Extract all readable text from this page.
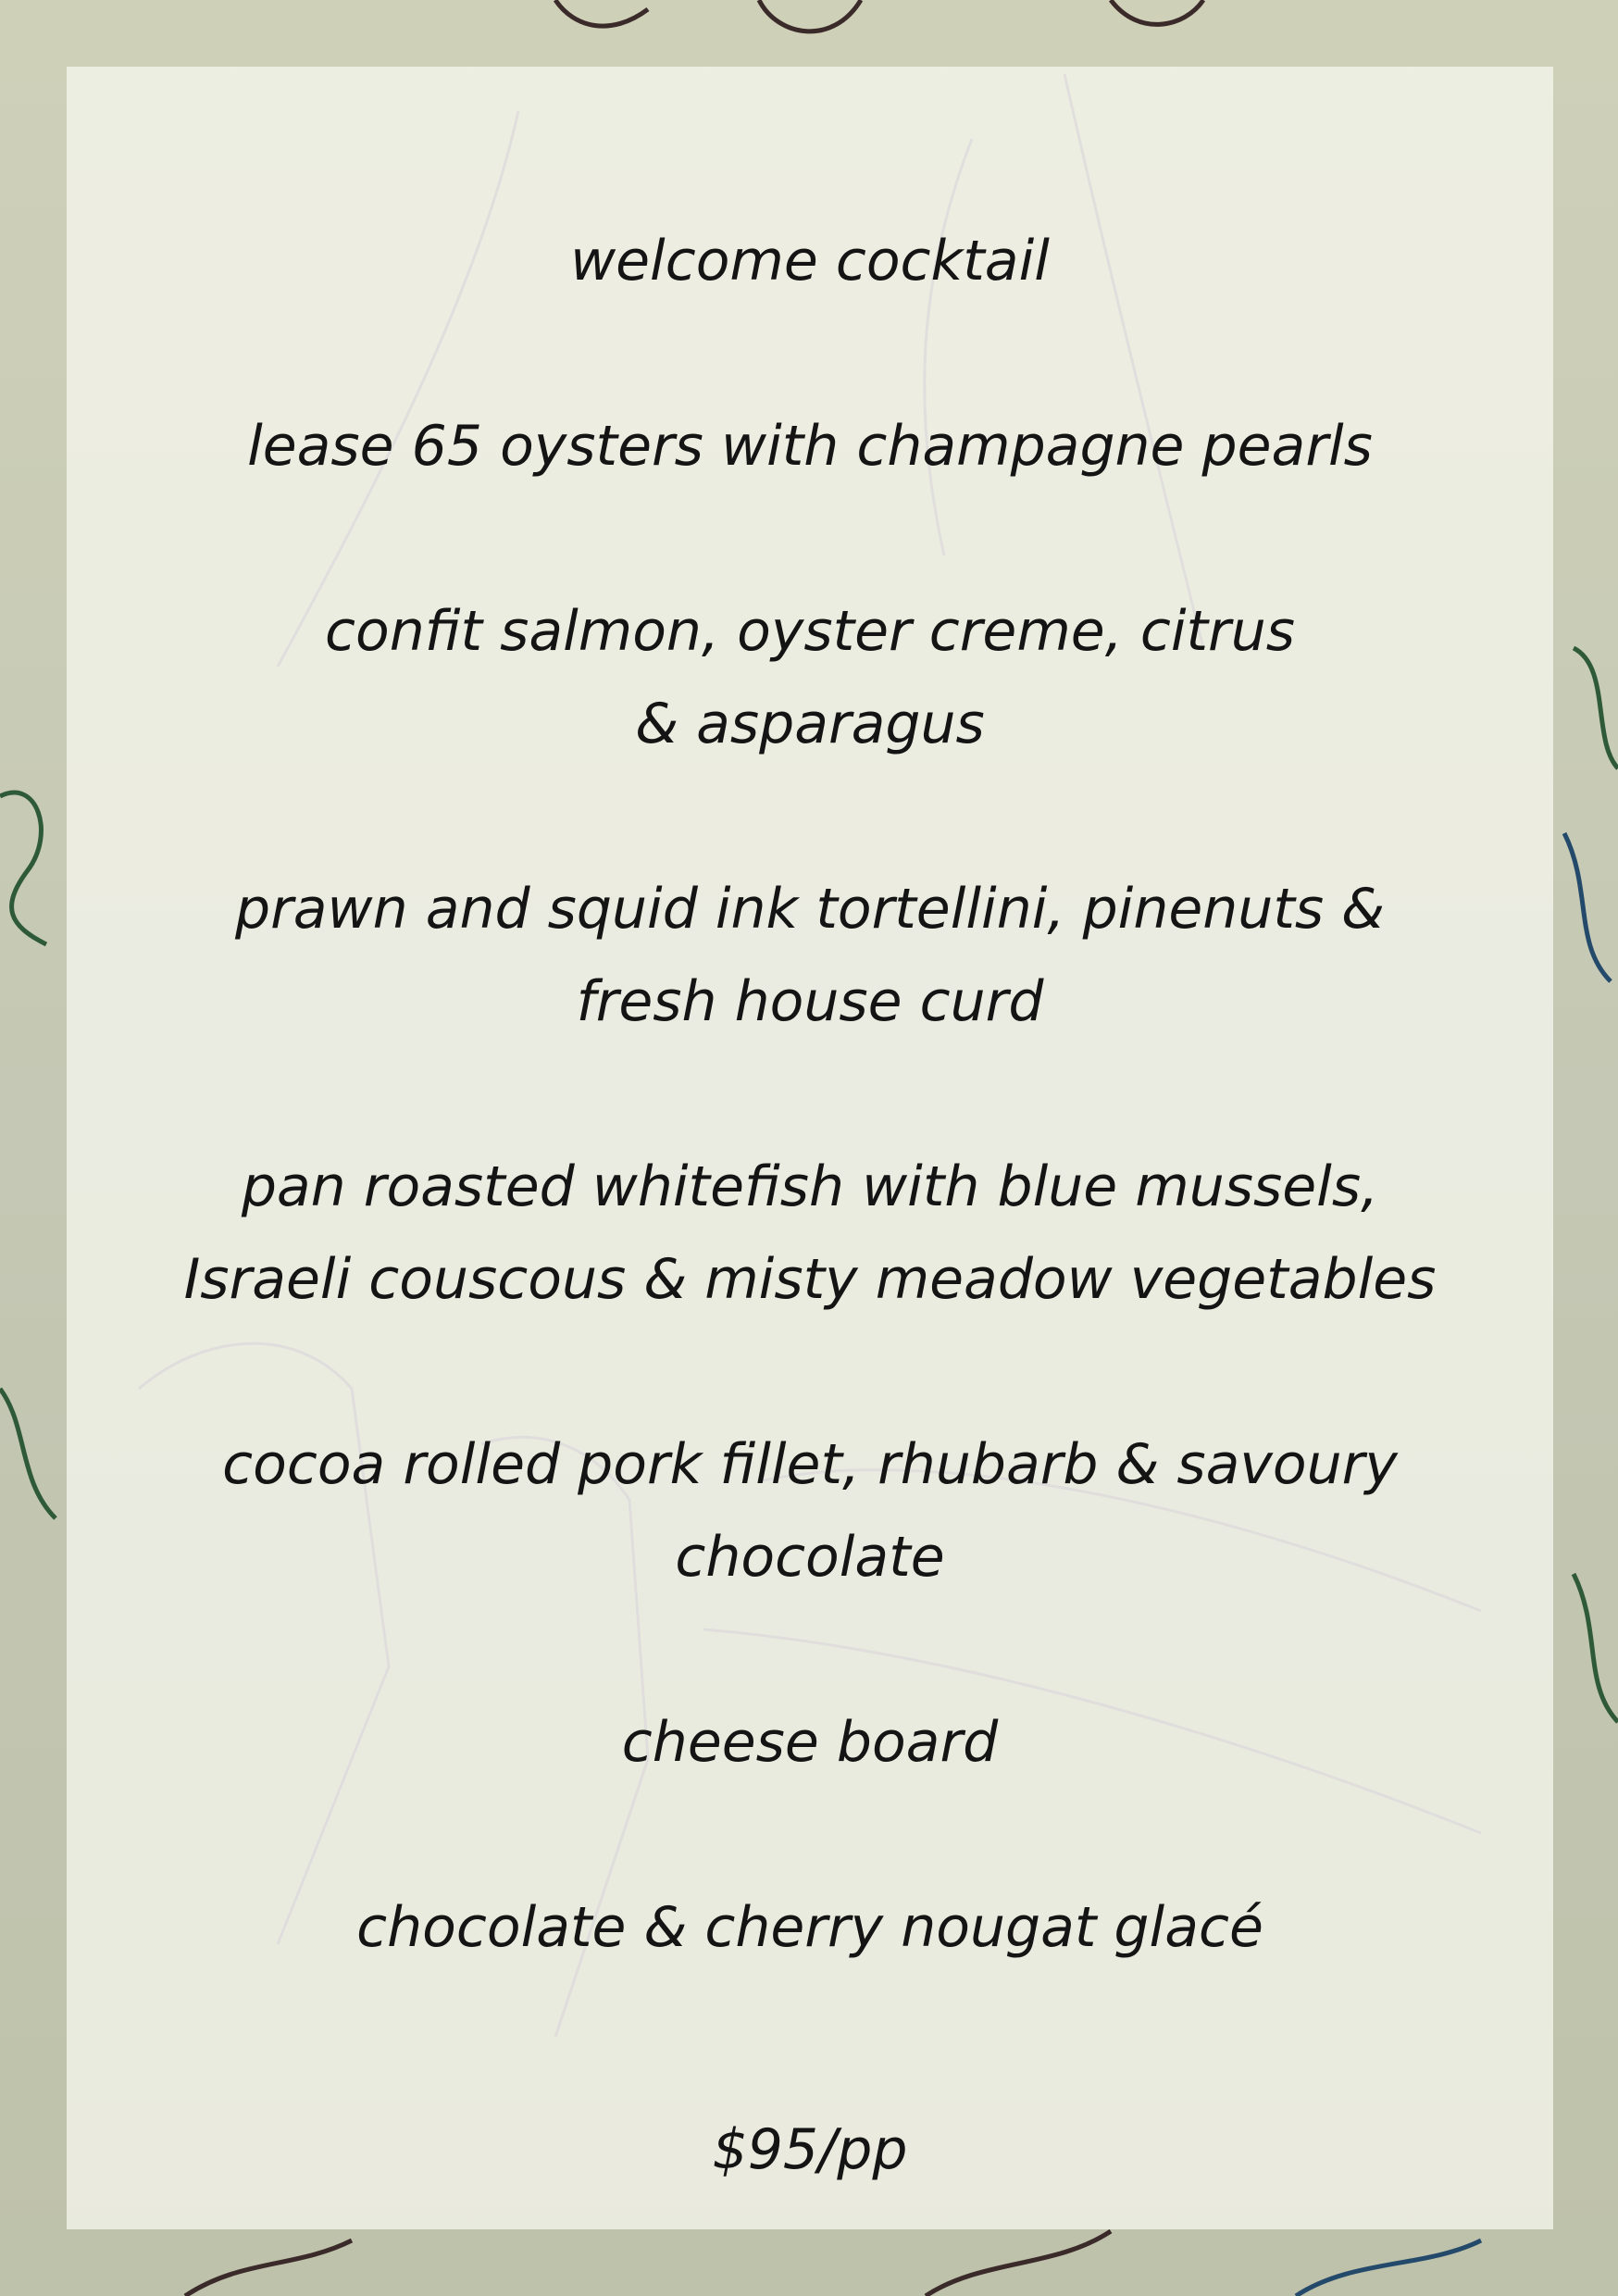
welcome cocktail
lease 65 oysters with champagne pearls
confit salmon, oyster creme, citrus
& asparagus
prawn and squid ink tortellini, pinenuts &
fresh house curd
pan roasted whitefish with blue mussels,
Israeli couscous & misty meadow vegetables
cocoa rolled pork fillet, rhubarb & savoury
chocolate
cheese board
chocolate & cherry nougat glacé
$95/pp
